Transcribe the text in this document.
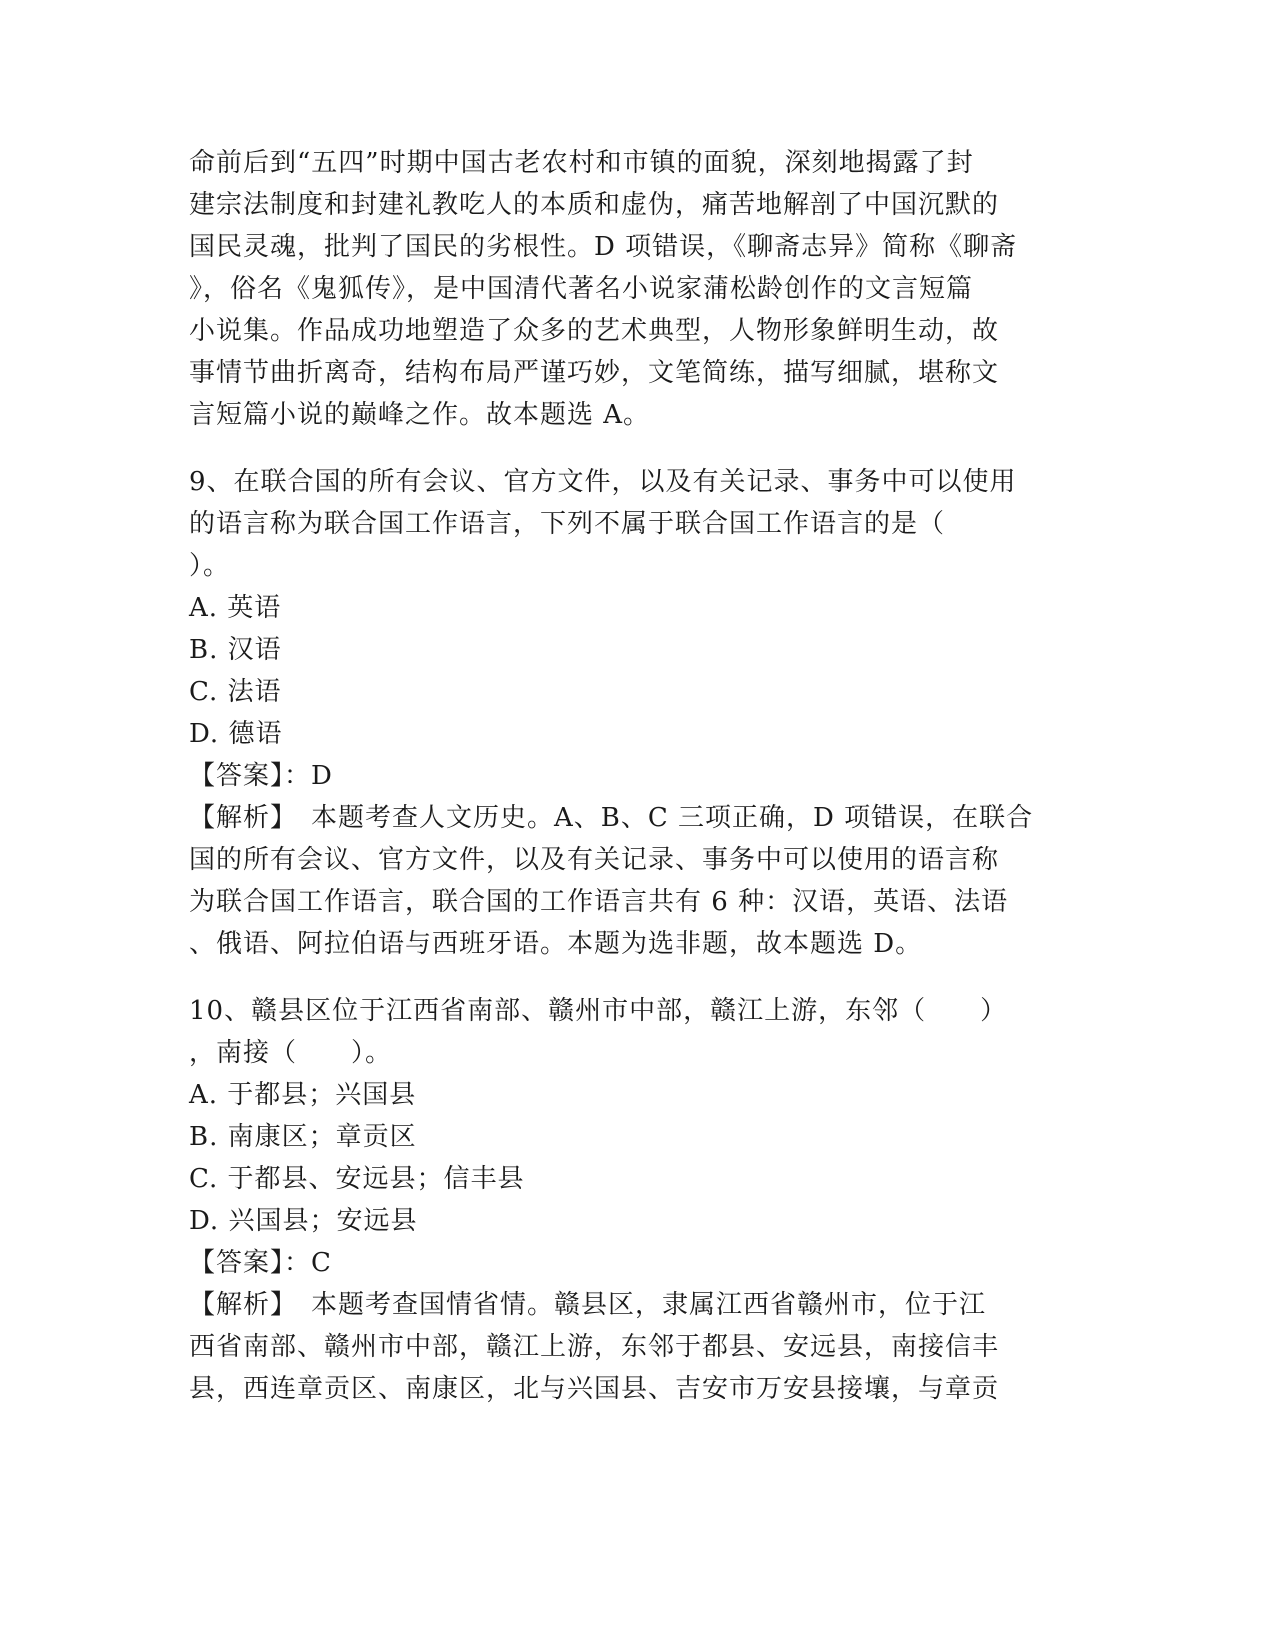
命前后到“五四”时期中国古老农村和市镇的面貌，深刻地揭露了封
建宗法制度和封建礼教吃人的本质和虚伪，痛苦地解剖了中国沉默的
国民灵魂，批判了国民的劣根性。D 项错误，《聊斋志异》简称《聊斋
》，俗名《鬼狐传》，是中国清代著名小说家蒲松龄创作的文言短篇
小说集。作品成功地塑造了众多的艺术典型，人物形象鲜明生动，故
事情节曲折离奇，结构布局严谨巧妙，文笔简练，描写细腻，堪称文
言短篇小说的巅峰之作。故本题选 A。
9、在联合国的所有会议、官方文件，以及有关记录、事务中可以使用
的语言称为联合国工作语言，下列不属于联合国工作语言的是（
）。
A. 英语
B. 汉语
C. 法语
D. 德语
【答案】：D
【解析】　本题考查人文历史。A、B、C 三项正确，D 项错误，在联合
国的所有会议、官方文件，以及有关记录、事务中可以使用的语言称
为联合国工作语言，联合国的工作语言共有 6 种：汉语，英语、法语
、俄语、阿拉伯语与西班牙语。本题为选非题，故本题选 D。
10、赣县区位于江西省南部、赣州市中部，赣江上游，东邻（　　）
，南接（　　）。
A. 于都县；兴国县
B. 南康区；章贡区
C. 于都县、安远县；信丰县
D. 兴国县；安远县
【答案】：C
【解析】　本题考查国情省情。赣县区，隶属江西省赣州市，位于江
西省南部、赣州市中部，赣江上游，东邻于都县、安远县，南接信丰
县，西连章贡区、南康区，北与兴国县、吉安市万安县接壤，与章贡
